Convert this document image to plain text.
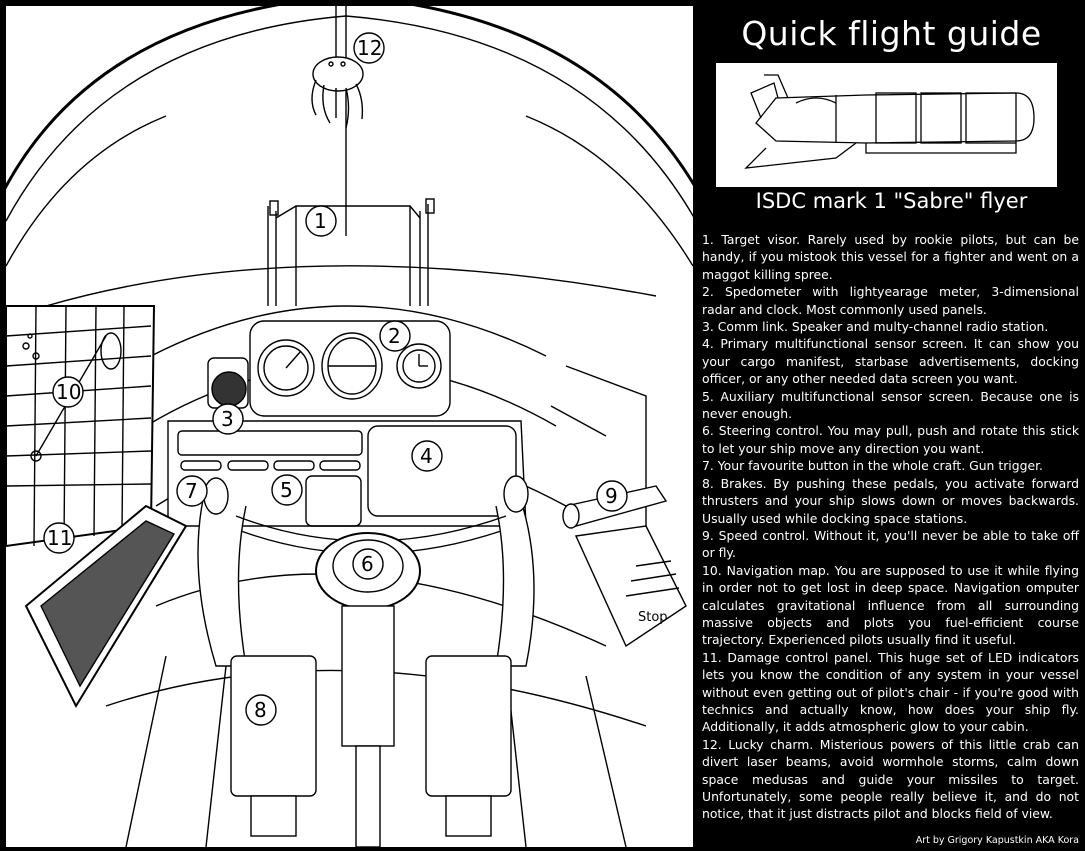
Stop
1
2
3
4
5
6
7
8
9
10
11
12	Quick flight guide
ISDC mark 1 "Sabre" flyer
1. Target visor. Rarely used by rookie pilots, but can be handy, if you mistook this vessel for a fighter and went on a maggot killing spree.
2. Spedometer with lightyearage meter, 3-dimensional radar and clock. Most commonly used panels.
3. Comm link. Speaker and multy-channel radio station.
4. Primary multifunctional sensor screen. It can show you your cargo manifest, starbase advertisements, docking officer, or any other needed data screen you want.
5. Auxiliary multifunctional sensor screen. Because one is never enough.
6. Steering control. You may pull, push and rotate this stick to let your ship move any direction you want.
7. Your favourite button in the whole craft. Gun trigger.
8. Brakes. By pushing these pedals, you activate forward thrusters and your ship slows down or moves backwards. Usually used while docking space stations.
9. Speed control. Without it, you'll never be able to take off or fly.
10. Navigation map. You are supposed to use it while flying in order not to get lost in deep space. Navigation omputer calculates gravitational influence from all surrounding massive objects and plots you fuel-efficient course trajectory. Experienced pilots usually find it useful.
11. Damage control panel. This huge set of LED indicators lets you know the condition of any system in your vessel without even getting out of pilot's chair - if you're good with technics and actually know, how does your ship fly. Additionally, it adds atmospheric glow to your cabin.
12. Lucky charm. Misterious powers of this little crab can divert laser beams, avoid wormhole storms, calm down space medusas and guide your missiles to target. Unfortunately, some people really believe it, and do not notice, that it just distracts pilot and blocks field of view.
Art by Grigory Kapustkin AKA Kora
